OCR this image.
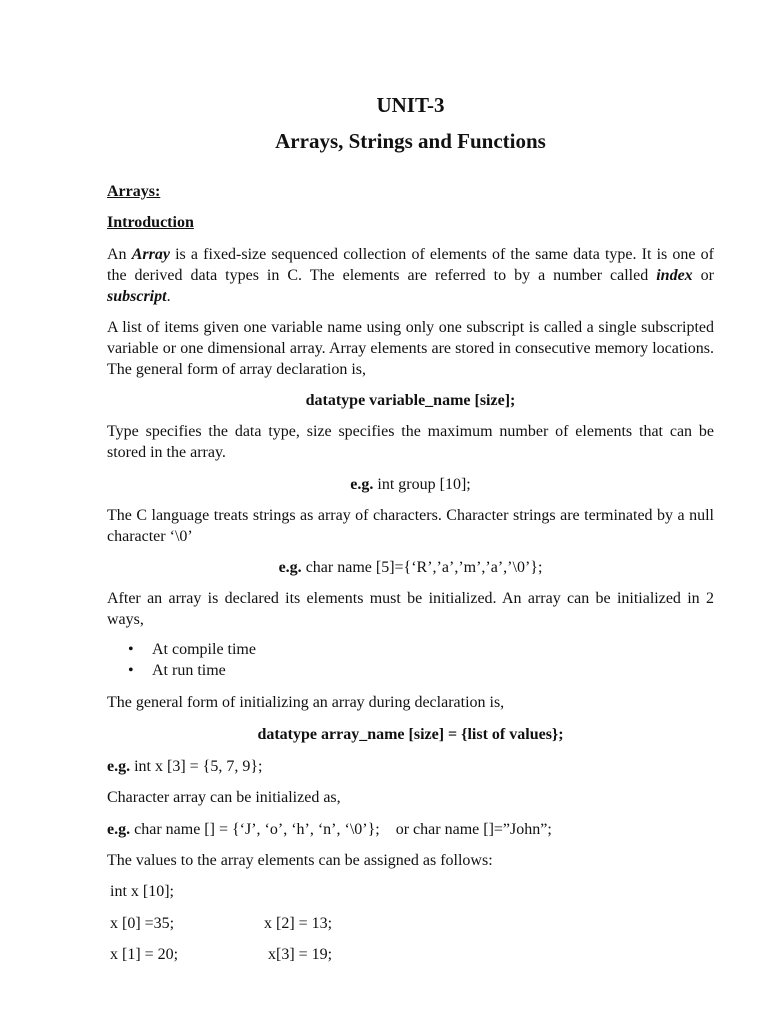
UNIT-3
Arrays, Strings and Functions
Arrays:
Introduction

An Array is a fixed-size sequenced collection of elements of the same data type. It is one of the derived data types in C. The elements are referred to by a number called index or subscript.

A list of items given one variable name using only one subscript is called a single subscripted variable or one dimensional array. Array elements are stored in consecutive memory locations. The general form of array declaration is,

datatype variable_name [size];

Type specifies the data type, size specifies the maximum number of elements that can be stored in the array.

e.g. int group [10];

The C language treats strings as array of characters. Character strings are terminated by a null character ‘\0’

e.g. char name [5]={‘R’,’a’,’m’,’a’,’\0’};

After an array is declared its elements must be initialized. An array can be initialized in 2 ways,

• At compile time
• At run time
The general form of initializing an array during declaration is,
datatype array_name [size] = {list of values};
e.g. int x [3] = {5, 7, 9};
Character array can be initialized as,
e.g. char name [] = {‘J’, ‘o’, ‘h’, ‘n’, ‘\0’};    or char name []=”John”;
The values to the array elements can be assigned as follows:
int x [10];
x [0] =35;	x [2] = 13;
x [1] = 20;	x[3] = 19;
